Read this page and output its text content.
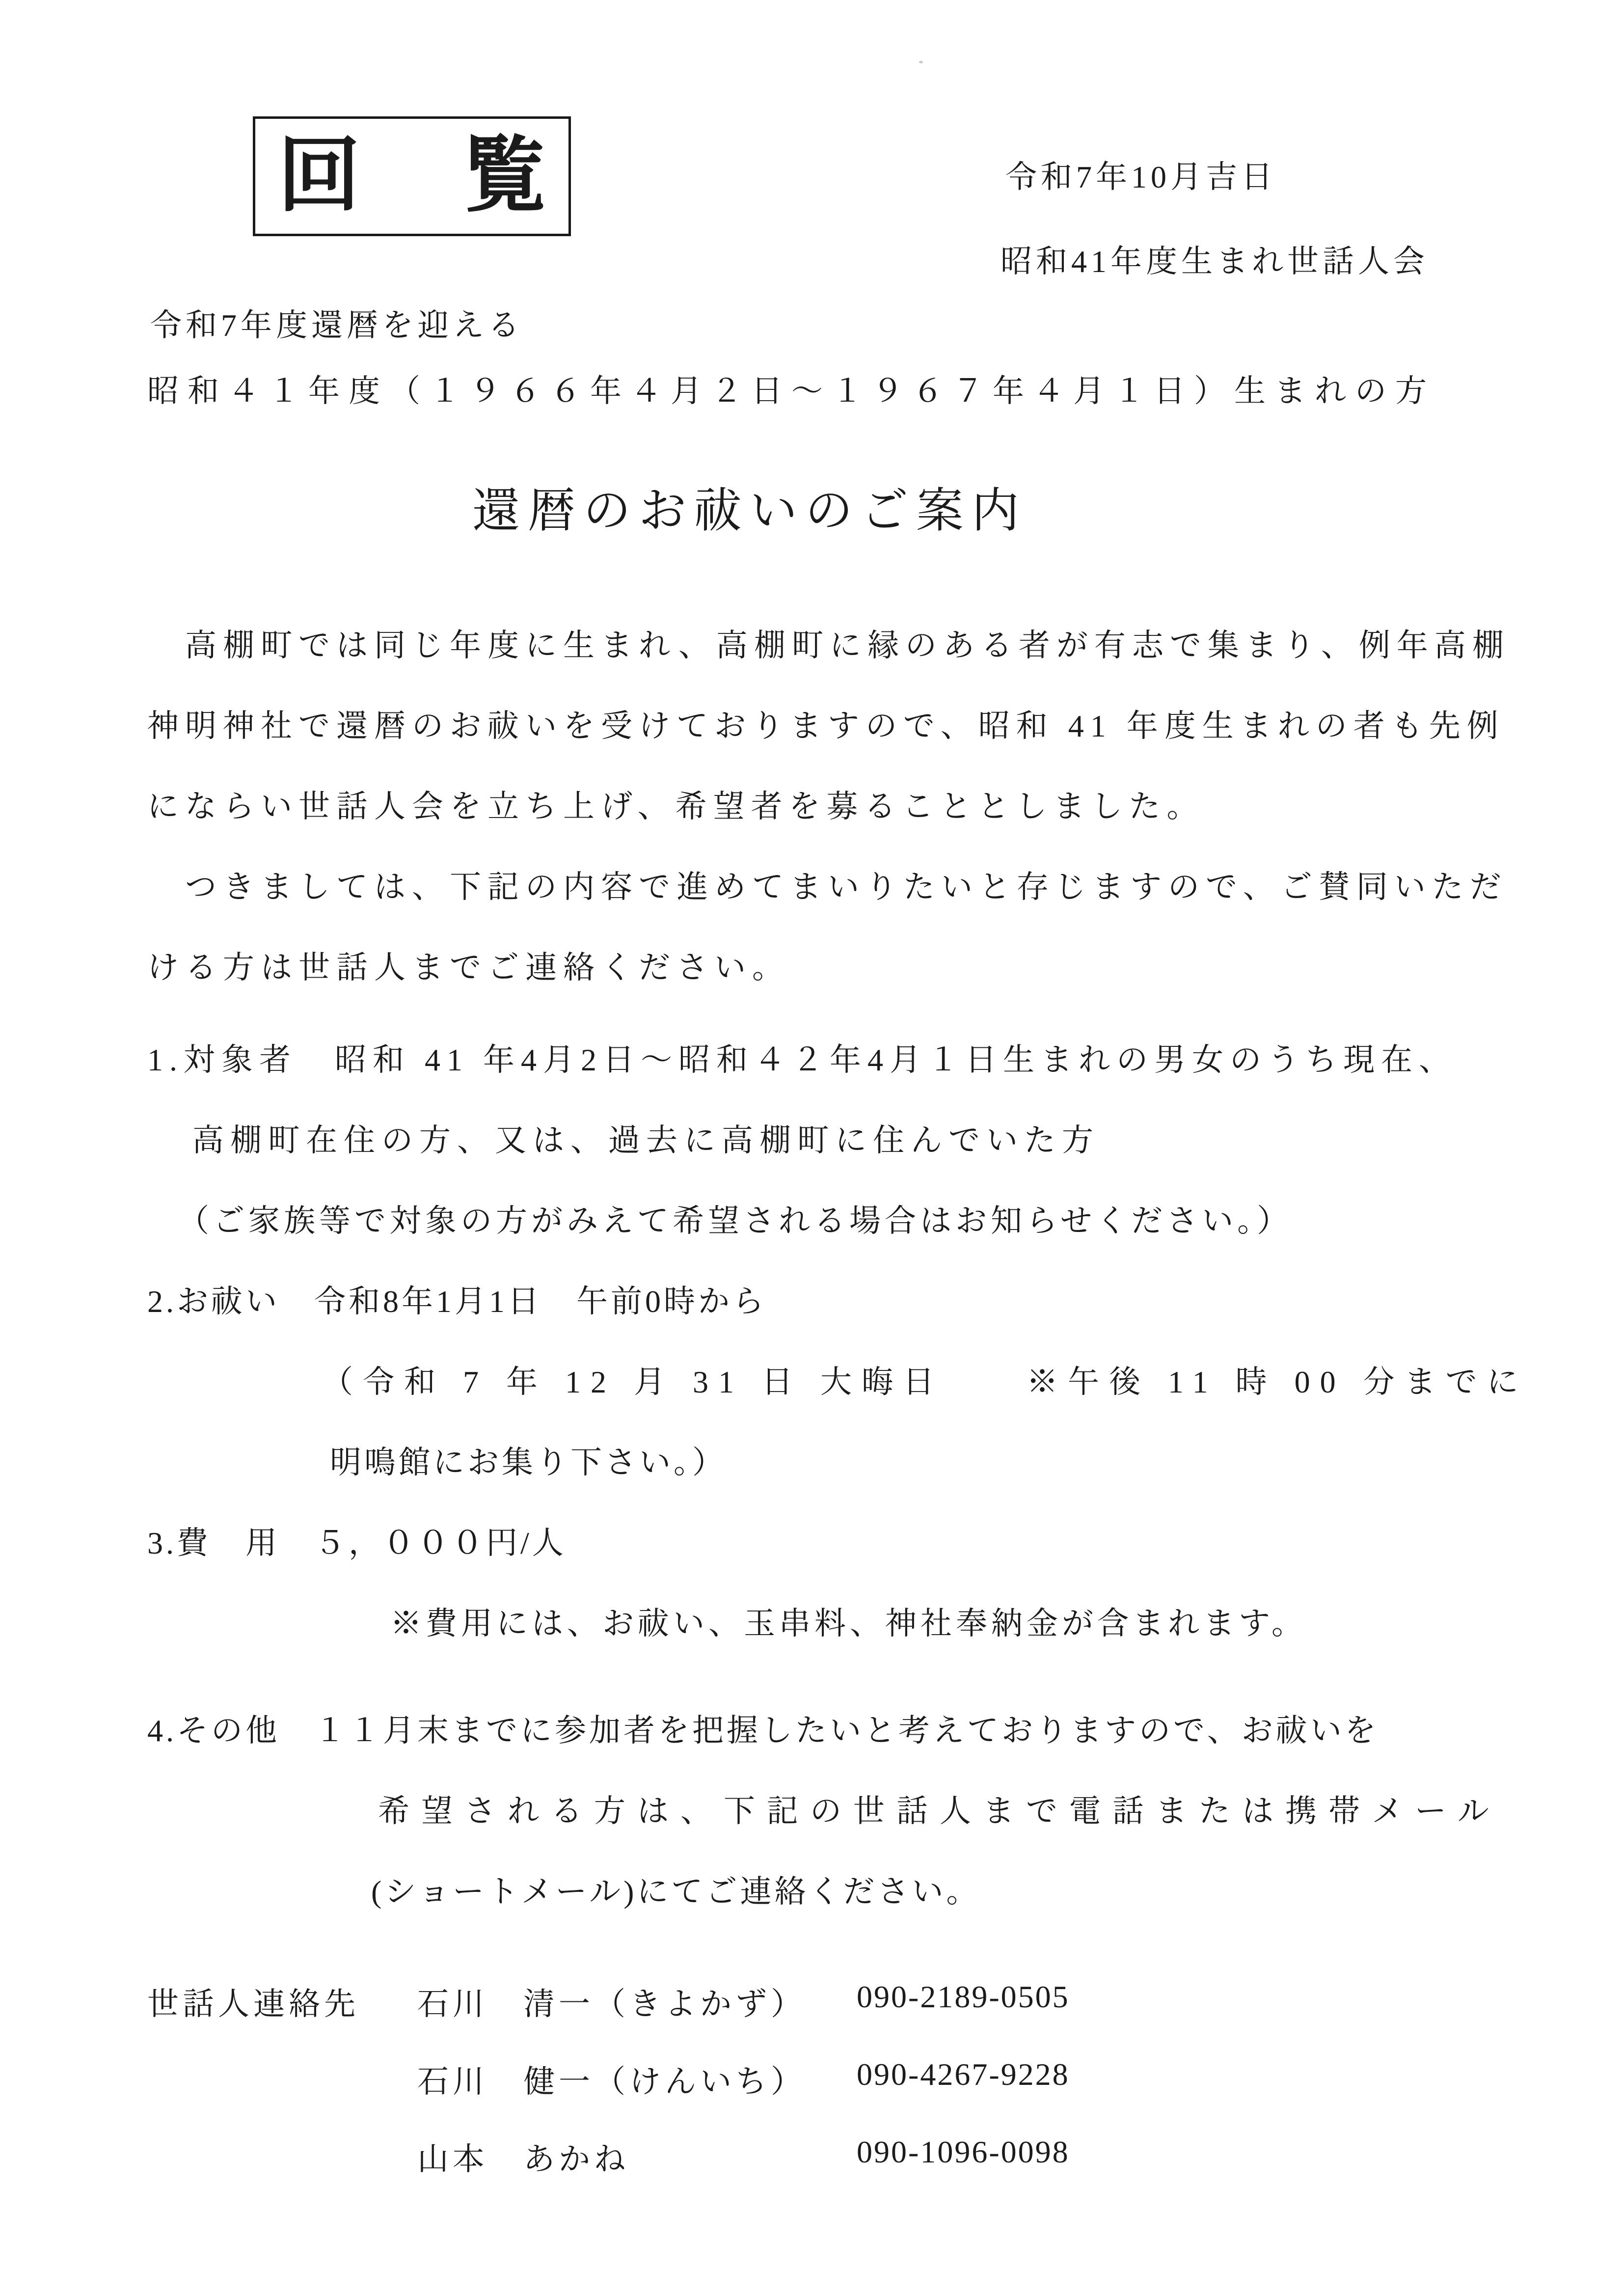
回 覧	令和7年10月吉日
昭和41年度生まれ世話人会
令和7年度還暦を迎える
昭和４１年度（１９６６年４月２日～１９６７年４月１日）生まれの方
還暦のお祓いのご案内
　高棚町では同じ年度に生まれ、高棚町に縁のある者が有志で集まり、例年高棚
神明神社で還暦のお祓いを受けておりますので、昭和 41 年度生まれの者も先例
にならい世話人会を立ち上げ、希望者を募ることとしました。
　つきましては、下記の内容で進めてまいりたいと存じますので、ご賛同いただ
ける方は世話人までご連絡ください。
1.対象者　昭和 41 年4月2日～昭和４２年4月１日生まれの男女のうち現在、
高棚町在住の方、又は、過去に高棚町に住んでいた方
（ご家族等で対象の方がみえて希望される場合はお知らせください。）
2.お祓い　令和8年1月1日　午前0時から
（令和 7 年 12 月 31 日 大晦日　　※午後 11 時 00 分までに
明鳴館にお集り下さい。）
3.費　用　５，０００円/人
※費用には、お祓い、玉串料、神社奉納金が含まれます。
4.その他　１１月末までに参加者を把握したいと考えておりますので、お祓いを
希望される方は、下記の世話人まで電話または携帯メール
(ショートメール)にてご連絡ください。
世話人連絡先	石川　清一（きよかず）	090-2189-0505
石川　健一（けんいち）	090-4267-9228
山本　あかね	090-1096-0098
